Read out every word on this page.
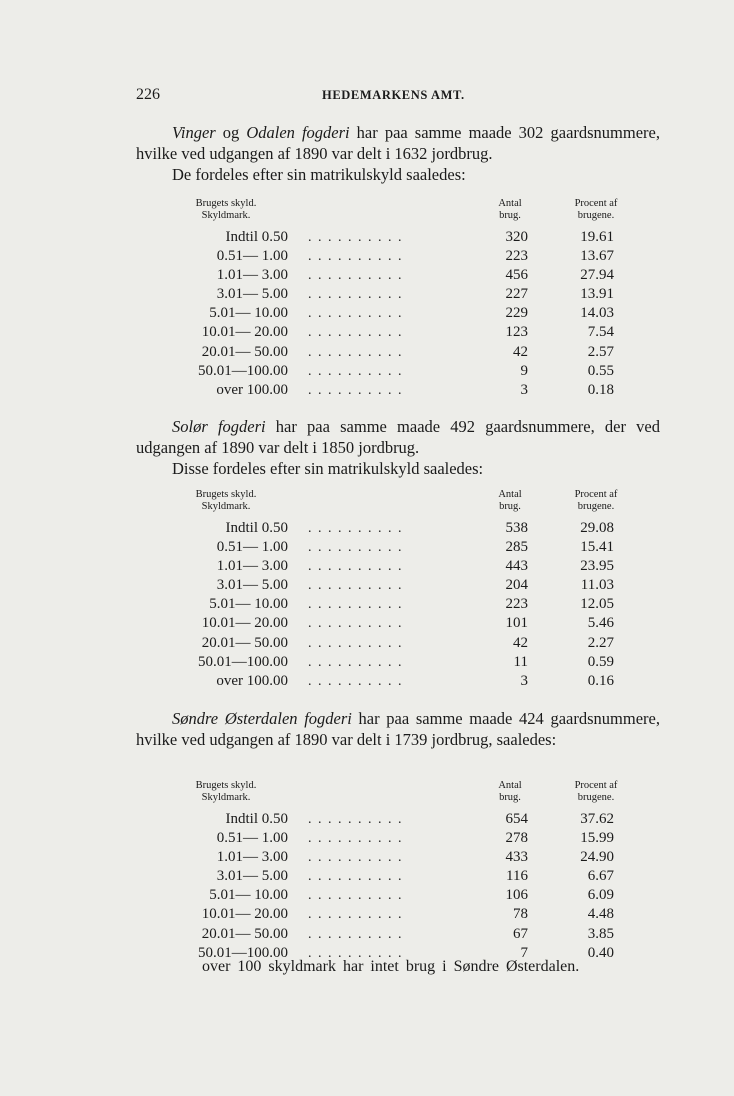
226	HEDEMARKENS AMT.

Vinger og Odalen fogderi har paa samme maade 302 gaardsnummere, hvilke ved udgangen af 1890 var delt i 1632 jordbrug.

De fordeles efter sin matrikulskyld saaledes:

Brugets skyld.
Skyldmark.
Antal
brug.
Procent af
brugene.
Indtil 0.50 ..........	320	19.61
0.51— 1.00 ..........	223	13.67
1.01— 3.00 ..........	456	27.94
3.01— 5.00 ..........	227	13.91
5.01— 10.00 ..........	229	14.03
10.01— 20.00 ..........	123	7.54
20.01— 50.00 ..........	42	2.57
50.01—100.00 ..........	9	0.55
over 100.00 ..........	3	0.18

Solør fogderi har paa samme maade 492 gaardsnummere, der ved udgangen af 1890 var delt i 1850 jordbrug.

Disse fordeles efter sin matrikulskyld saaledes:

Brugets skyld.
Skyldmark.
Antal
brug.
Procent af
brugene.
Indtil 0.50 ..........	538	29.08
0.51— 1.00 ..........	285	15.41
1.01— 3.00 ..........	443	23.95
3.01— 5.00 ..........	204	11.03
5.01— 10.00 ..........	223	12.05
10.01— 20.00 ..........	101	5.46
20.01— 50.00 ..........	42	2.27
50.01—100.00 ..........	11	0.59
over 100.00 ..........	3	0.16

Søndre Østerdalen fogderi har paa samme maade 424 gaardsnummere, hvilke ved udgangen af 1890 var delt i 1739 jordbrug, saaledes:

Brugets skyld.
Skyldmark.
Antal
brug.
Procent af
brugene.
Indtil 0.50 ..........	654	37.62
0.51— 1.00 ..........	278	15.99
1.01— 3.00 ..........	433	24.90
3.01— 5.00 ..........	116	6.67
5.01— 10.00 ..........	106	6.09
10.01— 20.00 ..........	78	4.48
20.01— 50.00 ..........	67	3.85
50.01—100.00 ..........	7	0.40
over 100 skyldmark har intet brug i Søndre Østerdalen.
